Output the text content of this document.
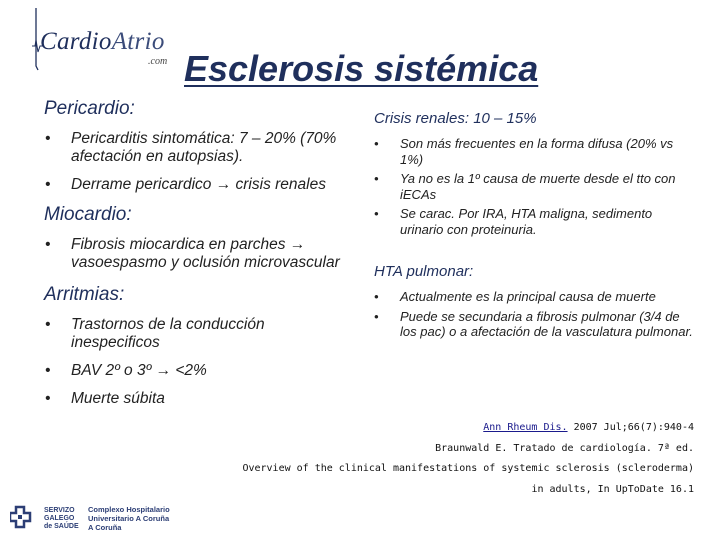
CardioAtrio
.com Esclerosis sistémica

Pericardio:

• Pericarditis sintomática: 7 – 20% (70% afectación en autopsias).
• Derrame pericardico → crisis renales

Miocardio:

• Fibrosis miocardica en parches → vasoespasmo y oclusión microvascular

Arritmias:

• Trastornos de la conducción inespecificos
• BAV 2º o 3º → <2%
• Muerte súbita

Crisis renales: 10 – 15%

• Son más frecuentes en la forma difusa (20% vs 1%)
• Ya no es la 1º causa de muerte desde el tto con iECAs
• Se carac. Por IRA, HTA maligna, sedimento urinario con proteinuria.

HTA pulmonar:

• Actualmente es la principal causa de muerte
• Puede se secundaria a fibrosis pulmonar (3/4 de los pac) o a afectación de la vasculatura pulmonar.
Ann Rheum Dis. 2007 Jul;66(7):940-4
Braunwald E. Tratado de cardiología. 7ª ed.
Overview of the clinical manifestations of systemic sclerosis (scleroderma)
in adults, In UpToDate 16.1
SERVIZO
GALEGO
de SAÚDE
Complexo Hospitalario
Universitario A Coruña
A Coruña
